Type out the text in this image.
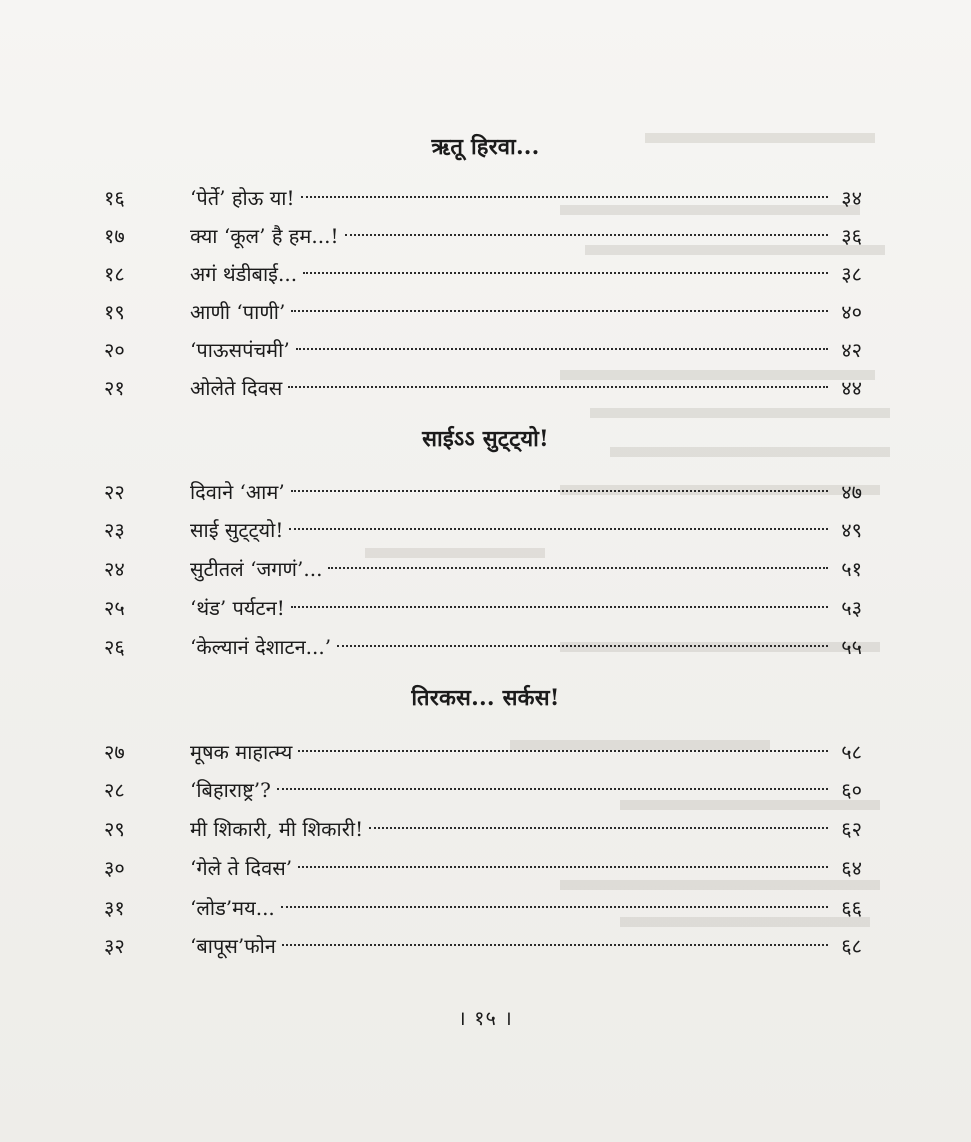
ऋतू हिरवा...
१६	‘पेर्ते’ होऊ या!	३४
१७	क्या ‘कूल’ है हम...!	३६
१८	अगं थंडीबाई...	३८
१९	आणी ‘पाणी’	४०
२०	‘पाऊसपंचमी’	४२
२१	ओलेते दिवस	४४
साईऽऽ सुट्ट्यो!
२२	दिवाने ‘आम’	४७
२३	साई सुट्ट्यो!	४९
२४	सुटीतलं ‘जगणं’...	५१
२५	‘थंड’ पर्यटन!	५३
२६	‘केल्यानं देशाटन...’	५५
तिरकस... सर्कस!
२७	मूषक माहात्म्य	५८
२८	‘बिहाराष्ट्र’?	६०
२९	मी शिकारी, मी शिकारी!	६२
३०	‘गेले ते दिवस’	६४
३१	‘लोड’मय...	६६
३२	‘बापूस’फोन	६८
। १५ ।
